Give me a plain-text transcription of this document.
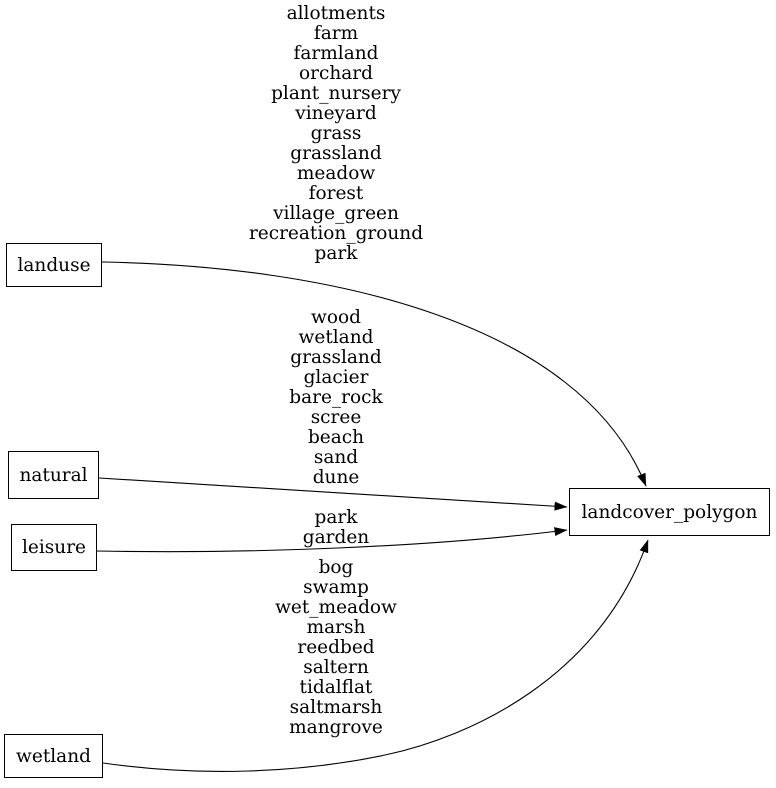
landuse
natural
leisure
wetland
landcover_polygon
allotments
farm
farmland
orchard
plant_nursery
vineyard
grass
grassland
meadow
forest
village_green
recreation_ground
park
wood
wetland
grassland
glacier
bare_rock
scree
beach
sand
dune
park
garden
bog
swamp
wet_meadow
marsh
reedbed
saltern
tidalflat
saltmarsh
mangrove
